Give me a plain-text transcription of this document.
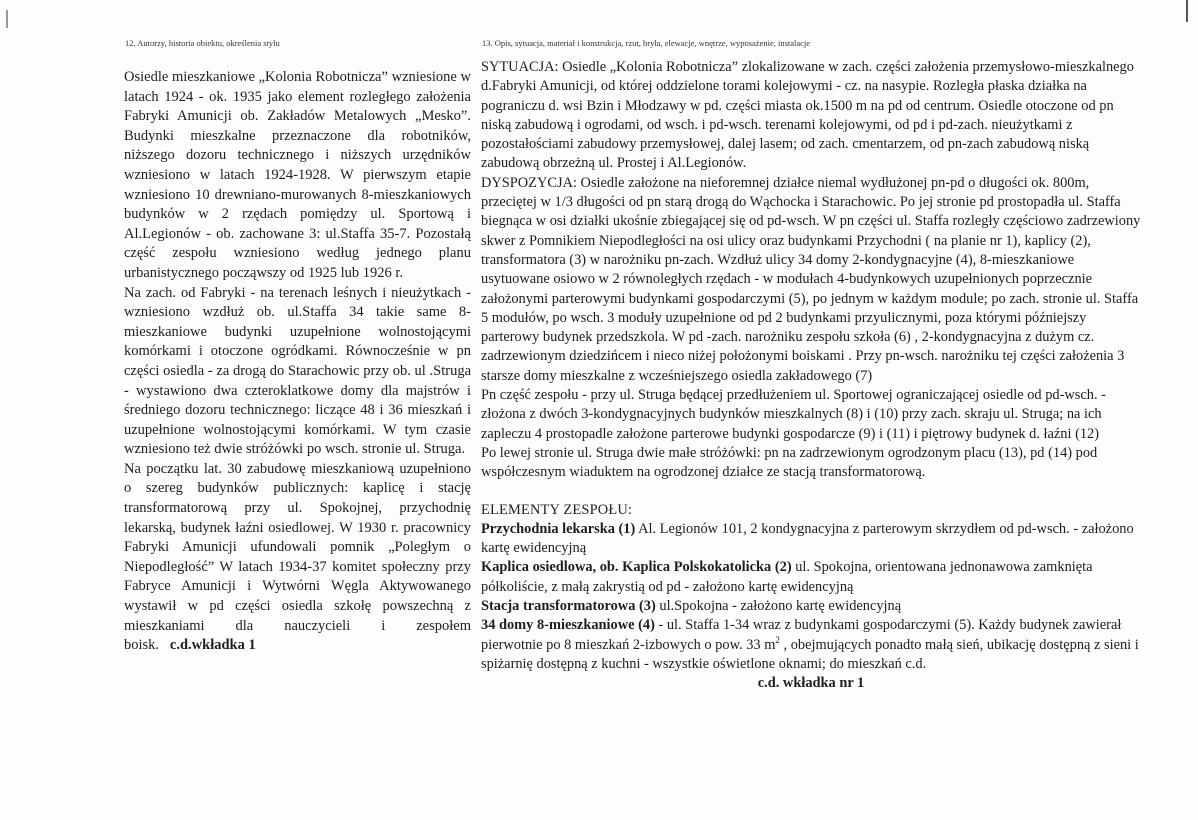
12. Autorzy, historia obiektu, określenia stylu	13. Opis, sytuacja, materiał i konstrukcja, rzut, bryła, elewacje, wnętrze, wyposażenie, instalacje

Osiedle mieszkaniowe „Kolonia Robotnicza” wzniesione w latach 1924 - ok. 1935 jako element rozległego założenia Fabryki Amunicji ob. Zakładów Metalowych „Mesko”. Budynki mieszkalne przeznaczone dla robotników, niższego dozoru technicznego i niższych urzędników wzniesiono w latach 1924-1928. W pierwszym etapie wzniesiono 10 drewniano-murowanych 8-mieszkaniowych budynków w 2 rzędach pomiędzy ul. Sportową i Al.Legionów - ob. zachowane 3: ul.Staffa 35-7. Pozostałą część zespołu wzniesiono według jednego planu urbanistycznego począwszy od 1925 lub 1926 r.

Na zach. od Fabryki - na terenach leśnych i nieużytkach - wzniesiono wzdłuż ob. ul.Staffa 34 takie same 8-mieszkaniowe budynki uzupełnione wolnostojącymi komórkami i otoczone ogródkami. Równocześnie w pn części osiedla - za drogą do Starachowic przy ob. ul .Struga - wystawiono dwa czteroklatkowe domy dla majstrów i średniego dozoru technicznego: liczące 48 i 36 mieszkań i uzupełnione wolnostojącymi komórkami. W tym czasie wzniesiono też dwie stróżówki po wsch. stronie ul. Struga.

Na początku lat. 30 zabudowę mieszkaniową uzupełniono o szereg budynków publicznych: kaplicę i stację transformatorową przy ul. Spokojnej, przychodnię lekarską, budynek łaźni osiedlowej. W 1930 r. pracownicy Fabryki Amunicji ufundowali pomnik „Poległym o Niepodległość” W latach 1934-37 komitet społeczny przy Fabryce Amunicji i Wytwórni Węgla Aktywowanego wystawił w pd części osiedla szkołę powszechną z mieszkaniami dla nauczycieli i zespołem boisk. c.d.wkładka 1

SYTUACJA: Osiedle „Kolonia Robotnicza” zlokalizowane w zach. części założenia przemysłowo-mieszkalnego d.Fabryki Amunicji, od której oddzielone torami kolejowymi - cz. na nasypie. Rozległa płaska działka na pograniczu d. wsi Bzin i Młodzawy w pd. części miasta ok.1500 m na pd od centrum. Osiedle otoczone od pn niską zabudową i ogrodami, od wsch. i pd-wsch. terenami kolejowymi, od pd i pd-zach. nieużytkami z pozostałościami zabudowy przemysłowej, dalej lasem; od zach. cmentarzem, od pn-zach zabudową niską zabudową obrzeżną ul. Prostej i Al.Legionów.

DYSPOZYCJA: Osiedle założone na nieforemnej działce niemal wydłużonej pn-pd o długości ok. 800m, przeciętej w 1/3 długości od pn starą drogą do Wąchocka i Starachowic. Po jej stronie pd prostopadła ul. Staffa biegnąca w osi działki ukośnie zbiegającej się od pd-wsch. W pn części ul. Staffa rozległy częściowo zadrzewiony skwer z Pomnikiem Niepodległości na osi ulicy oraz budynkami Przychodni ( na planie nr 1), kaplicy (2), transformatora (3) w narożniku pn-zach. Wzdłuż ulicy 34 domy 2-kondygnacyjne (4), 8-mieszkaniowe usytuowane osiowo w 2 równoległych rzędach - w modułach 4-budynkowych uzupełnionych poprzecznie założonymi parterowymi budynkami gospodarczymi (5), po jednym w każdym module; po zach. stronie ul. Staffa 5 modułów, po wsch. 3 moduły uzupełnione od pd 2 budynkami przyulicznymi, poza którymi późniejszy parterowy budynek przedszkola. W pd -zach. narożniku zespołu szkoła (6) , 2-kondygnacyjna z dużym cz. zadrzewionym dziedzińcem i nieco niżej położonymi boiskami . Przy pn-wsch. narożniku tej części założenia 3 starsze domy mieszkalne z wcześniejszego osiedla zakładowego (7)

Pn część zespołu - przy ul. Struga będącej przedłużeniem ul. Sportowej ograniczającej osiedle od pd-wsch. - złożona z dwóch 3-kondygnacyjnych budynków mieszkalnych (8) i (10) przy zach. skraju ul. Struga; na ich zapleczu 4 prostopadle założone parterowe budynki gospodarcze (9) i (11) i piętrowy budynek d. łaźni (12)

Po lewej stronie ul. Struga dwie małe stróżówki: pn na zadrzewionym ogrodzonym placu (13), pd (14) pod współczesnym wiaduktem na ogrodzonej działce ze stacją transformatorową.

ELEMENTY ZESPOŁU:

Przychodnia lekarska (1) Al. Legionów 101, 2 kondygnacyjna z parterowym skrzydłem od pd-wsch. - założono kartę ewidencyjną

Kaplica osiedlowa, ob. Kaplica Polskokatolicka (2) ul. Spokojna, orientowana jednonawowa zamknięta półkoliście, z małą zakrystią od pd - założono kartę ewidencyjną

Stacja transformatorowa (3) ul.Spokojna - założono kartę ewidencyjną

34 domy 8-mieszkaniowe (4) - ul. Staffa 1-34 wraz z budynkami gospodarczymi (5). Każdy budynek zawierał pierwotnie po 8 mieszkań 2-izbowych o pow. 33 $m^2$ , obejmujących ponadto małą sień, ubikację dostępną z sieni i spiżarnię dostępną z kuchni - wszystkie oświetlone oknami; do mieszkań c.d.

c.d. wkładka nr 1
